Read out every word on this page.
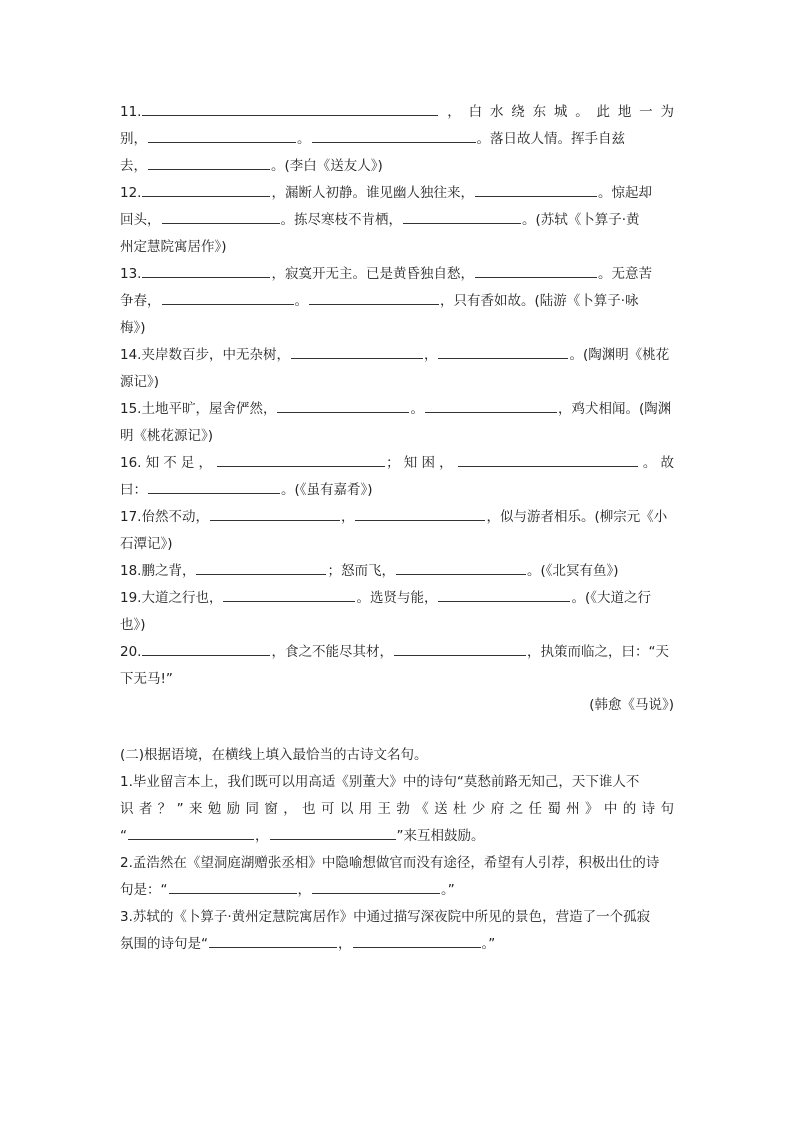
11.	，白水绕东城。此地一为
别，	。	。落日故人情。挥手自兹
去，	。(李白《送友人》)
12.	，漏断人初静。谁见幽人独往来，	。惊起却
回头，	。拣尽寒枝不肯栖，	。(苏轼《卜算子·黄
州定慧院寓居作》)
13.	，寂寞开无主。已是黄昏独自愁，	。无意苦
争春，	。	，只有香如故。(陆游《卜算子·咏
梅》)
14.夹岸数百步，中无杂树，	，	。(陶渊明《桃花
源记》)
15.土地平旷，屋舍俨然，	。	，鸡犬相闻。(陶渊
明《桃花源记》)
16.知不足，	；知困，	。故
曰：	。(《虽有嘉肴》)
17.佁然不动，	，	，似与游者相乐。(柳宗元《小
石潭记》)
18.鹏之背，	；怒而飞，	。(《北冥有鱼》)
19.大道之行也，	。选贤与能，	。(《大道之行
也》)
20.	，食之不能尽其材，	，执策而临之，曰：“天
下无马!”
(韩愈《马说》)
(二)根据语境，在横线上填入最恰当的古诗文名句。
1.毕业留言本上，我们既可以用高适《别董大》中的诗句“莫愁前路无知己，天下谁人不
识者？”来勉励同窗，也可以用王勃《送杜少府之任蜀州》中的诗句
“	，	”来互相鼓励。
2.孟浩然在《望洞庭湖赠张丞相》中隐喻想做官而没有途径，希望有人引荐，积极出仕的诗
句是：“	，	。”
3.苏轼的《卜算子·黄州定慧院寓居作》中通过描写深夜院中所见的景色，营造了一个孤寂
氛围的诗句是“	，	。”
